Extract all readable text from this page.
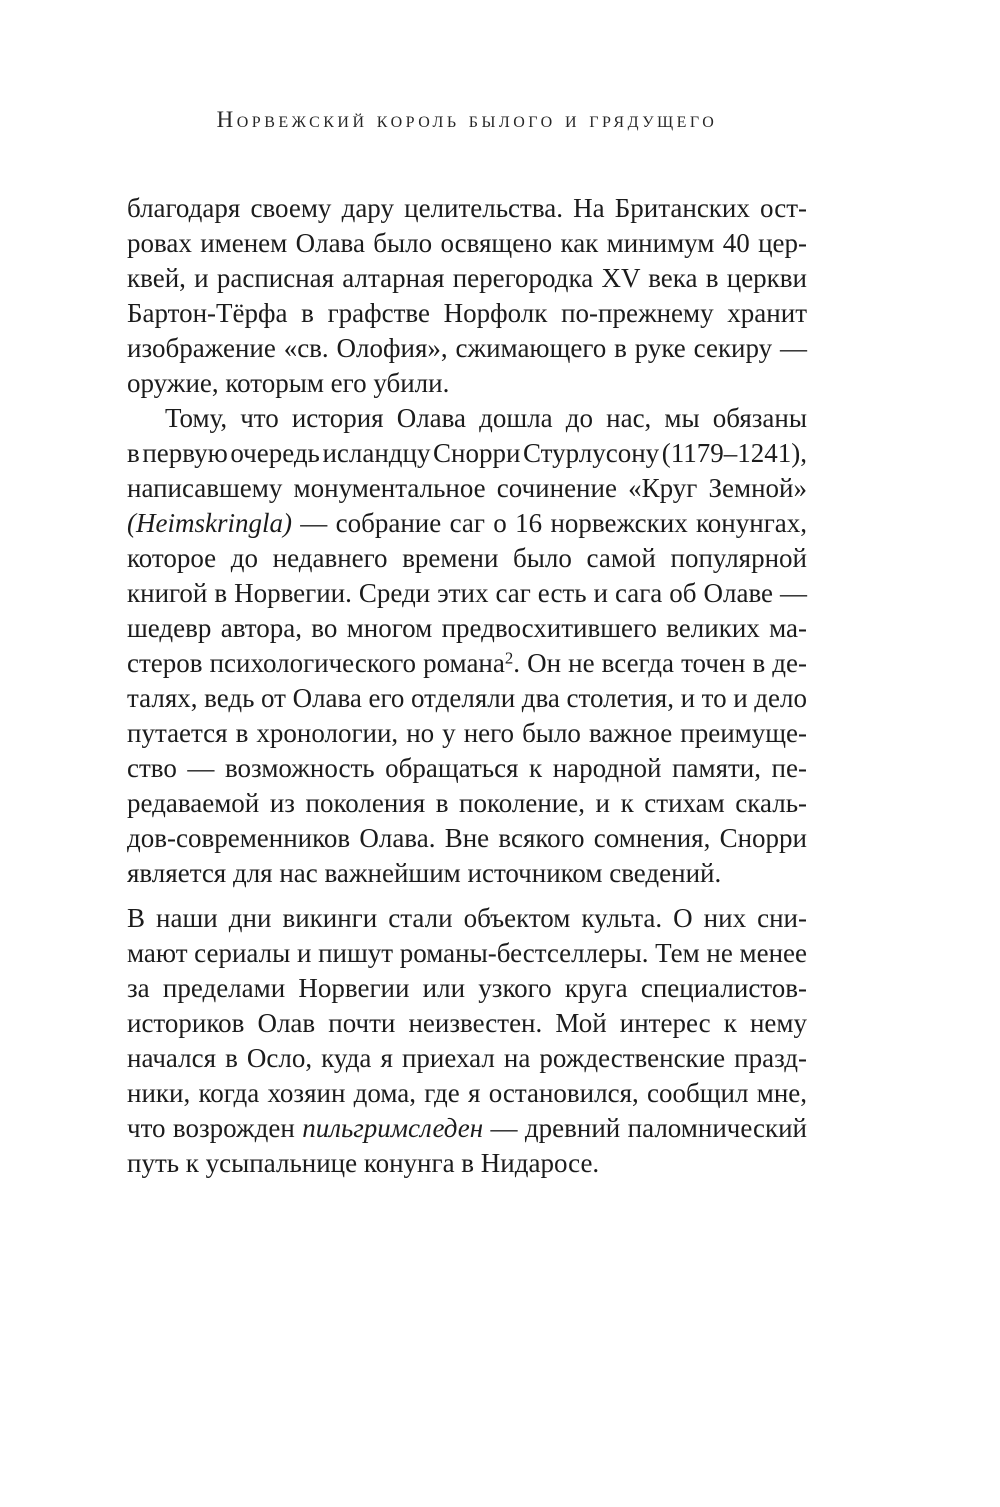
Норвежский король былого и грядущего
благодаря своему дару целительства. На Британских ост-
ровах именем Олава было освящено как минимум 40 цер-
квей, и расписная алтарная перегородка XV века в церкви
Бартон-Тёрфа в графстве Норфолк по-прежнему хранит
изображение «св. Олофия», сжимающего в руке секиру —
оружие, которым его убили.
Тому, что история Олава дошла до нас, мы обязаны
в первую очередь исландцу Снорри Стурлусону (1179–1241),
написавшему монументальное сочинение «Круг Земной»
(Heimskringla) — собрание саг о 16 норвежских конунгах,
которое до недавнего времени было самой популярной
книгой в Норвегии. Среди этих саг есть и сага об Олаве —
шедевр автора, во многом предвосхитившего великих ма-
стеров психологического романа$^2$. Он не всегда точен в де-
талях, ведь от Олава его отделяли два столетия, и то и дело
путается в хронологии, но у него было важное преимуще-
ство — возможность обращаться к народной памяти, пе-
редаваемой из поколения в поколение, и к стихам скаль-
дов-современников Олава. Вне всякого сомнения, Снорри
является для нас важнейшим источником сведений.
В наши дни викинги стали объектом культа. О них сни-
мают сериалы и пишут романы-бестселлеры. Тем не менее
за пределами Норвегии или узкого круга специалистов-
историков Олав почти неизвестен. Мой интерес к нему
начался в Осло, куда я приехал на рождественские празд-
ники, когда хозяин дома, где я остановился, сообщил мне,
что возрожден пильгримследен — древний паломнический
путь к усыпальнице конунга в Нидаросе.
